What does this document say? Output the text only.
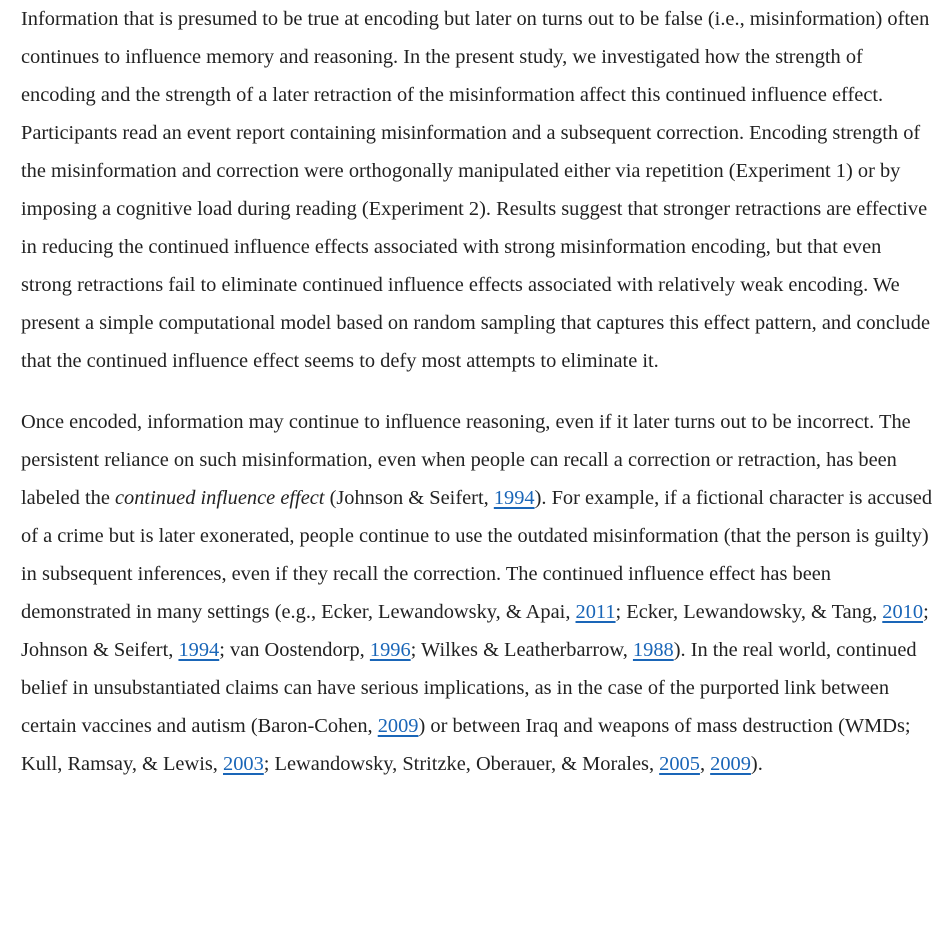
Information that is presumed to be true at encoding but later on turns out to be false (i.e., misinformation) often continues to influence memory and reasoning. In the present study, we investigated how the strength of encoding and the strength of a later retraction of the misinformation affect this continued influence effect. Participants read an event report containing misinformation and a subsequent correction. Encoding strength of the misinformation and correction were orthogonally manipulated either via repetition (Experiment 1) or by imposing a cognitive load during reading (Experiment 2). Results suggest that stronger retractions are effective in reducing the continued influence effects associated with strong misinformation encoding, but that even strong retractions fail to eliminate continued influence effects associated with relatively weak encoding. We present a simple computational model based on random sampling that captures this effect pattern, and conclude that the continued influence effect seems to defy most attempts to eliminate it.

Once encoded, information may continue to influence reasoning, even if it later turns out to be incorrect. The persistent reliance on such misinformation, even when people can recall a correction or retraction, has been labeled the continued influence effect (Johnson & Seifert, 1994). For example, if a fictional character is accused of a crime but is later exonerated, people continue to use the outdated misinformation (that the person is guilty) in subsequent inferences, even if they recall the correction. The continued influence effect has been demonstrated in many settings (e.g., Ecker, Lewandowsky, & Apai, 2011; Ecker, Lewandowsky, & Tang, 2010; Johnson & Seifert, 1994; van Oostendorp, 1996; Wilkes & Leatherbarrow, 1988). In the real world, continued belief in unsubstantiated claims can have serious implications, as in the case of the purported link between certain vaccines and autism (Baron-Cohen, 2009) or between Iraq and weapons of mass destruction (WMDs; Kull, Ramsay, & Lewis, 2003; Lewandowsky, Stritzke, Oberauer, & Morales, 2005, 2009).
